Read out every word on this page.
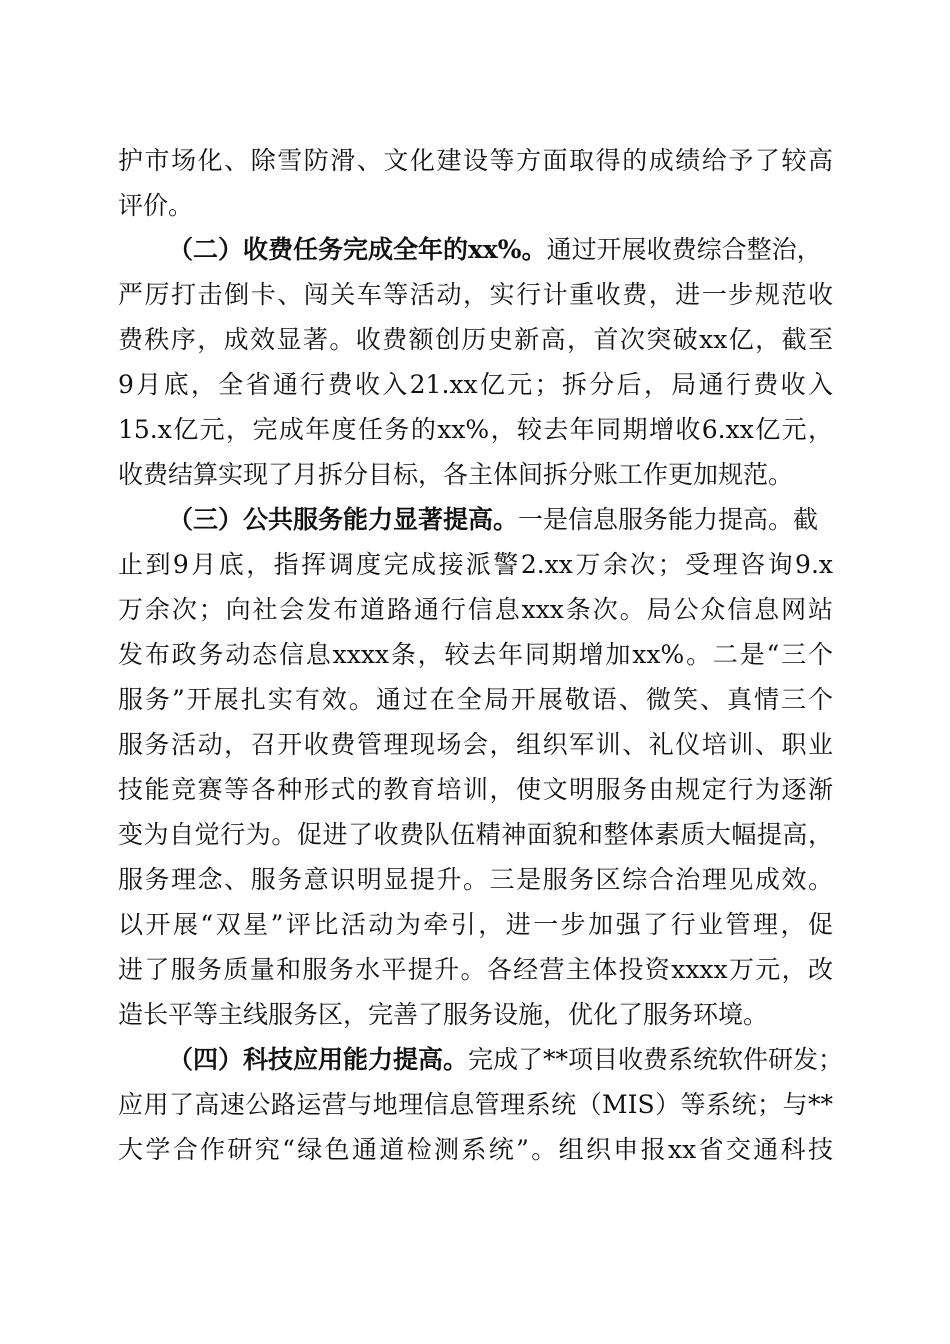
护市场化、除雪防滑、文化建设等方面取得的成绩给予了较高
评价。
（二）收费任务完成全年的xx%。通过开展收费综合整治，
严厉打击倒卡、闯关车等活动，实行计重收费，进一步规范收
费秩序，成效显著。收费额创历史新高，首次突破xx亿，截至
9月底，全省通行费收入21.xx亿元；拆分后，局通行费收入
15.x亿元，完成年度任务的xx%，较去年同期增收6.xx亿元，
收费结算实现了月拆分目标，各主体间拆分账工作更加规范。
（三）公共服务能力显著提高。一是信息服务能力提高。截
止到9月底，指挥调度完成接派警2.xx万余次；受理咨询9.x
万余次；向社会发布道路通行信息xxx条次。局公众信息网站
发布政务动态信息xxxx条，较去年同期增加xx%。二是“三个
服务”开展扎实有效。通过在全局开展敬语、微笑、真情三个
服务活动，召开收费管理现场会，组织军训、礼仪培训、职业
技能竞赛等各种形式的教育培训，使文明服务由规定行为逐渐
变为自觉行为。促进了收费队伍精神面貌和整体素质大幅提高，
服务理念、服务意识明显提升。三是服务区综合治理见成效。
以开展“双星”评比活动为牵引，进一步加强了行业管理，促
进了服务质量和服务水平提升。各经营主体投资xxxx万元，改
造长平等主线服务区，完善了服务设施，优化了服务环境。
（四）科技应用能力提高。完成了**项目收费系统软件研发；
应用了高速公路运营与地理信息管理系统（MIS）等系统；与**
大学合作研究“绿色通道检测系统”。组织申报xx省交通科技
